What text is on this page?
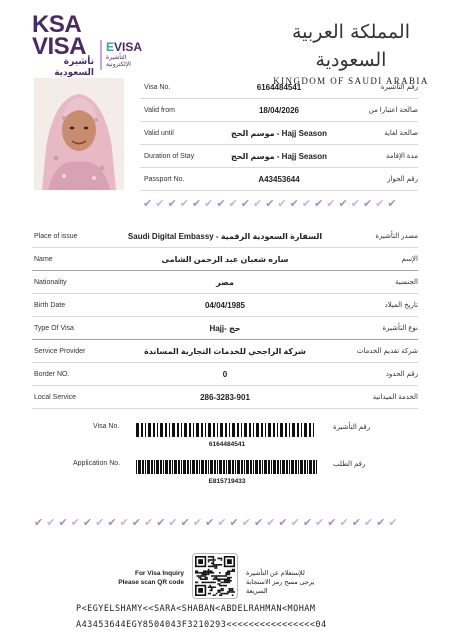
KSA
VISA
تأشيرة السعودية
EVISA
التأشيرة الإلكترونية
المملكة العربية السعودية
KINGDOM OF SAUDI ARABIA
Visa No.	6164484541	رقم التأشيرة
Valid from	18/04/2026	صالحة اعتبارا من
Valid until	موسم الحج - Hajj Season	صالحة لغاية
Duration of Stay	موسم الحج - Hajj Season	مدة الإقامة
Passport No.	A43453644	رقم الجواز
✔ ✔ ✔ ✔ ✔ ✔ ✔ ✔ ✔ ✔ ✔ ✔ ✔ ✔ ✔ ✔ ✔ ✔ ✔ ✔ ✔
Place of issue	Saudi Digital Embassy - السفارة السعودية الرقمية	مصدر التأشيرة
Name	ساره شعبان عبد الرحمن الشامى	الإسم
Nationality	مصر	الجنسية
Birth Date	04/04/1985	تاريخ الميلاد
Type Of Visa	Hajj- حج	نوع التأشيرة
Service Provider	شركة الراجحي للخدمات التجارية المساندة	شركة تقديم الخدمات
Border NO.	0	رقم الحدود
Local Service	286-3283-901	الخدمة الميدانية
Visa No.	رقم التأشيرة
6164484541
Application No.	رقم الطلب
E815719433
✔ ✔ ✔ ✔ ✔ ✔ ✔ ✔ ✔ ✔ ✔ ✔ ✔ ✔ ✔ ✔ ✔ ✔ ✔ ✔ ✔ ✔ ✔ ✔ ✔ ✔ ✔ ✔ ✔ ✔
For Visa Inquiry
Please scan QR code
للإستعلام عن التأشيرة
يرجى مسح رمز الاستجابة السريعة
P<EGYELSHAMY<<SARA<SHABAN<ABDELRAHMAN<MOHAM
A43453644EGY8504043F3210293<<<<<<<<<<<<<<<<04
